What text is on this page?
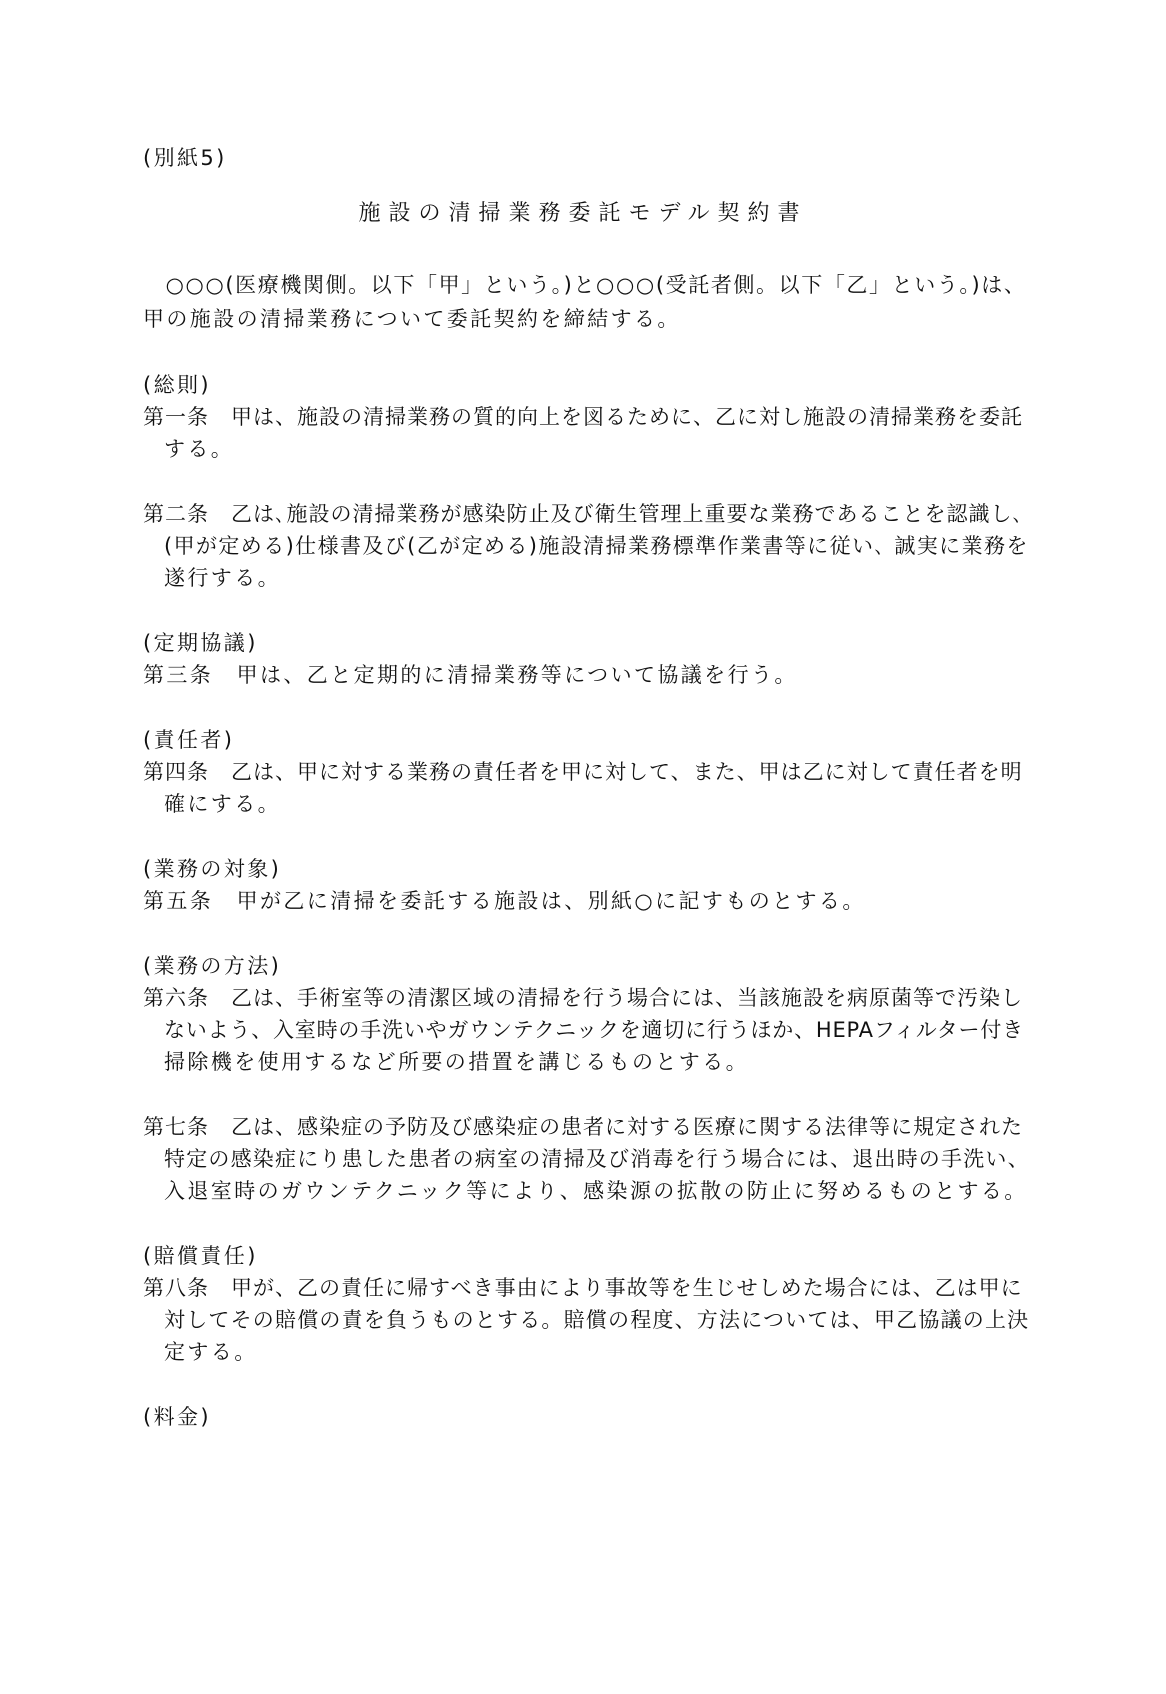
(別紙5)
施設の清掃業務委託モデル契約書
　○○○(医療機関側。以下「甲」という。)と○○○(受託者側。以下「乙」という。)は、
甲の施設の清掃業務について委託契約を締結する。
(総則)
第一条　甲は、施設の清掃業務の質的向上を図るために、乙に対し施設の清掃業務を委託
する。
第二条　乙は､施設の清掃業務が感染防止及び衛生管理上重要な業務であることを認識し､
(甲が定める)仕様書及び(乙が定める)施設清掃業務標準作業書等に従い､ 誠実に業務を
遂行する。
(定期協議)
第三条　甲は、乙と定期的に清掃業務等について協議を行う。
(責任者)
第四条　乙は、甲に対する業務の責任者を甲に対して、また、甲は乙に対して責任者を明
確にする。
(業務の対象)
第五条　甲が乙に清掃を委託する施設は、別紙○に記すものとする。
(業務の方法)
第六条　乙は、手術室等の清潔区域の清掃を行う場合には、当該施設を病原菌等で汚染し
ないよう、入室時の手洗いやガウンテクニックを適切に行うほか、HEPAフィルター付き
掃除機を使用するなど所要の措置を講じるものとする。
第七条　乙は、感染症の予防及び感染症の患者に対する医療に関する法律等に規定された
特定の感染症にり患した患者の病室の清掃及び消毒を行う場合には、退出時の手洗い、
入退室時のガウンテクニック等により、感染源の拡散の防止に努めるものとする。
(賠償責任)
第八条　甲が、乙の責任に帰すべき事由により事故等を生じせしめた場合には、乙は甲に
対してその賠償の責を負うものとする。賠償の程度、方法については、甲乙協議の上決
定する。
(料金)
